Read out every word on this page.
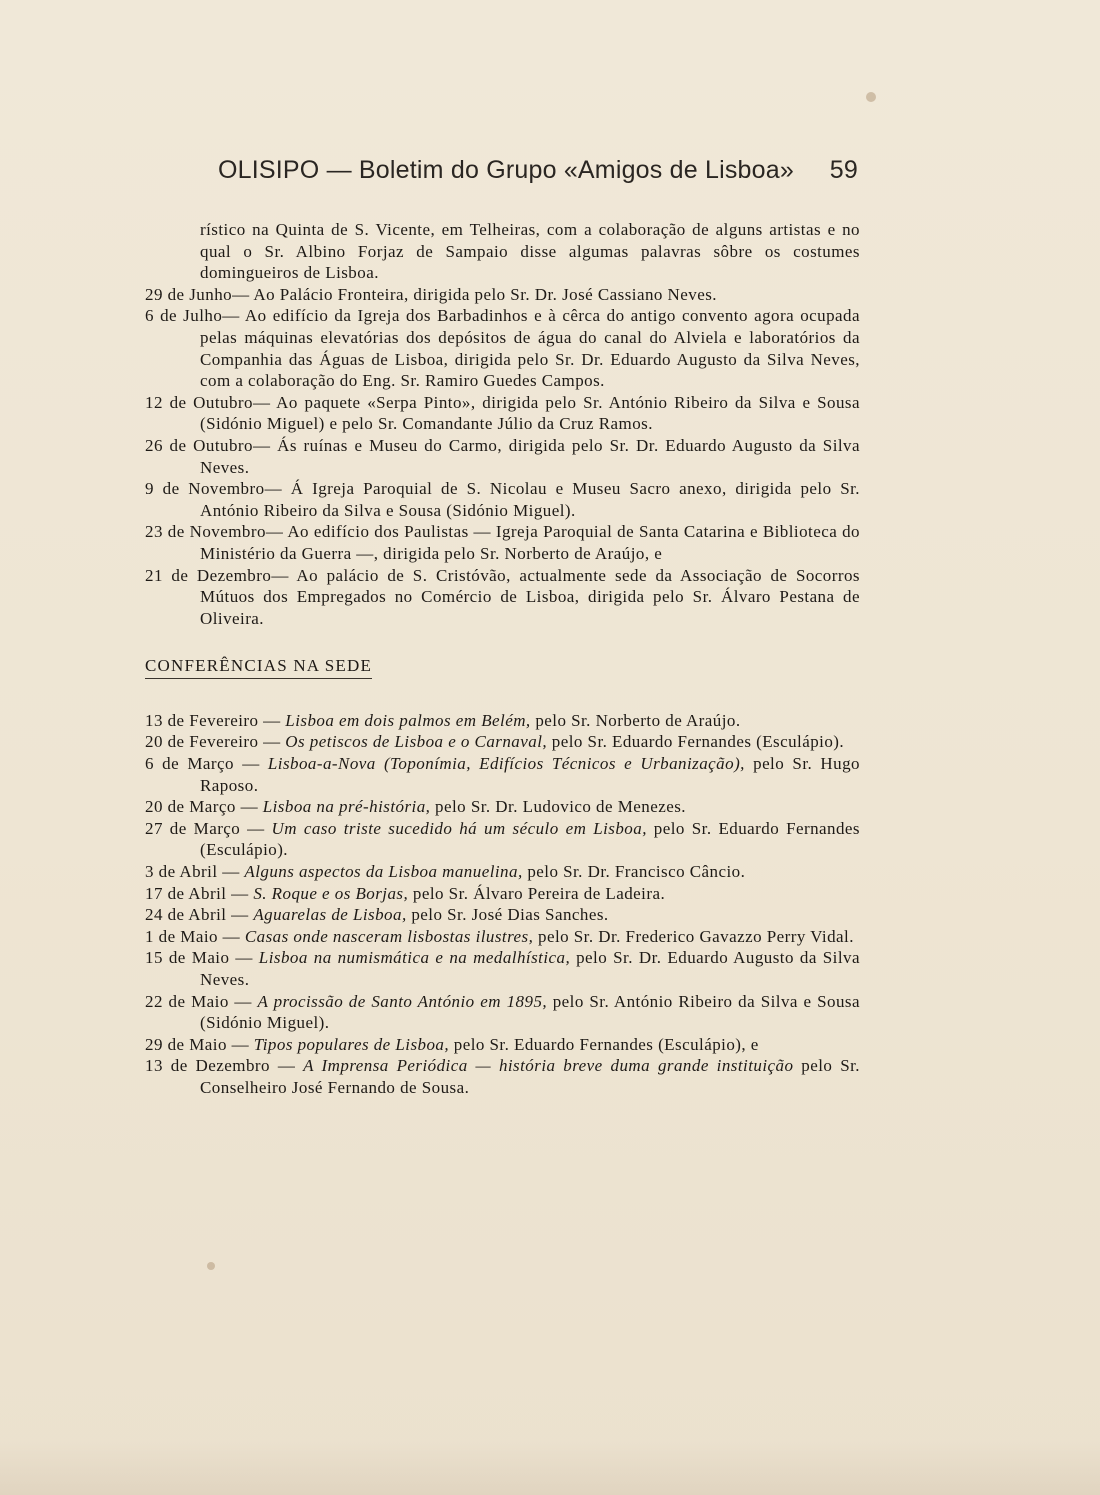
OLISIPO — Boletim do Grupo «Amigos de Lisboa» 59
rístico na Quinta de S. Vicente, em Telheiras, com a colaboração de alguns artistas e no qual o Sr. Albino Forjaz de Sampaio disse algumas palavras sôbre os costumes domingueiros de Lisboa.
29 de Junho— Ao Palácio Fronteira, dirigida pelo Sr. Dr. José Cassiano Neves.
6 de Julho— Ao edifício da Igreja dos Barbadinhos e à cêrca do antigo convento agora ocupada pelas máquinas elevatórias dos depósitos de água do canal do Alviela e laboratórios da Companhia das Águas de Lisboa, dirigida pelo Sr. Dr. Eduardo Augusto da Silva Neves, com a colaboração do Eng. Sr. Ramiro Guedes Campos.
12 de Outubro— Ao paquete «Serpa Pinto», dirigida pelo Sr. António Ribeiro da Silva e Sousa (Sidónio Miguel) e pelo Sr. Comandante Júlio da Cruz Ramos.
26 de Outubro— Ás ruínas e Museu do Carmo, dirigida pelo Sr. Dr. Eduardo Augusto da Silva Neves.
9 de Novembro— Á Igreja Paroquial de S. Nicolau e Museu Sacro anexo, dirigida pelo Sr. António Ribeiro da Silva e Sousa (Sidónio Miguel).
23 de Novembro— Ao edifício dos Paulistas — Igreja Paroquial de Santa Catarina e Biblioteca do Ministério da Guerra —, dirigida pelo Sr. Norberto de Araújo, e
21 de Dezembro— Ao palácio de S. Cristóvão, actualmente sede da Associação de Socorros Mútuos dos Empregados no Comércio de Lisboa, dirigida pelo Sr. Álvaro Pestana de Oliveira.
CONFERÊNCIAS NA SEDE
13 de Fevereiro — Lisboa em dois palmos em Belém, pelo Sr. Norberto de Araújo.
20 de Fevereiro — Os petiscos de Lisboa e o Carnaval, pelo Sr. Eduardo Fernandes (Esculápio).
6 de Março — Lisboa-a-Nova (Toponímia, Edifícios Técnicos e Urbanização), pelo Sr. Hugo Raposo.
20 de Março — Lisboa na pré-história, pelo Sr. Dr. Ludovico de Menezes.
27 de Março — Um caso triste sucedido há um século em Lisboa, pelo Sr. Eduardo Fernandes (Esculápio).
3 de Abril — Alguns aspectos da Lisboa manuelina, pelo Sr. Dr. Francisco Câncio.
17 de Abril — S. Roque e os Borjas, pelo Sr. Álvaro Pereira de Ladeira.
24 de Abril — Aguarelas de Lisboa, pelo Sr. José Dias Sanches.
1 de Maio — Casas onde nasceram lisbostas ilustres, pelo Sr. Dr. Frederico Gavazzo Perry Vidal.
15 de Maio — Lisboa na numismática e na medalhística, pelo Sr. Dr. Eduardo Augusto da Silva Neves.
22 de Maio — A procissão de Santo António em 1895, pelo Sr. António Ribeiro da Silva e Sousa (Sidónio Miguel).
29 de Maio — Tipos populares de Lisboa, pelo Sr. Eduardo Fernandes (Esculápio), e
13 de Dezembro — A Imprensa Periódica — história breve duma grande instituição pelo Sr. Conselheiro José Fernando de Sousa.
